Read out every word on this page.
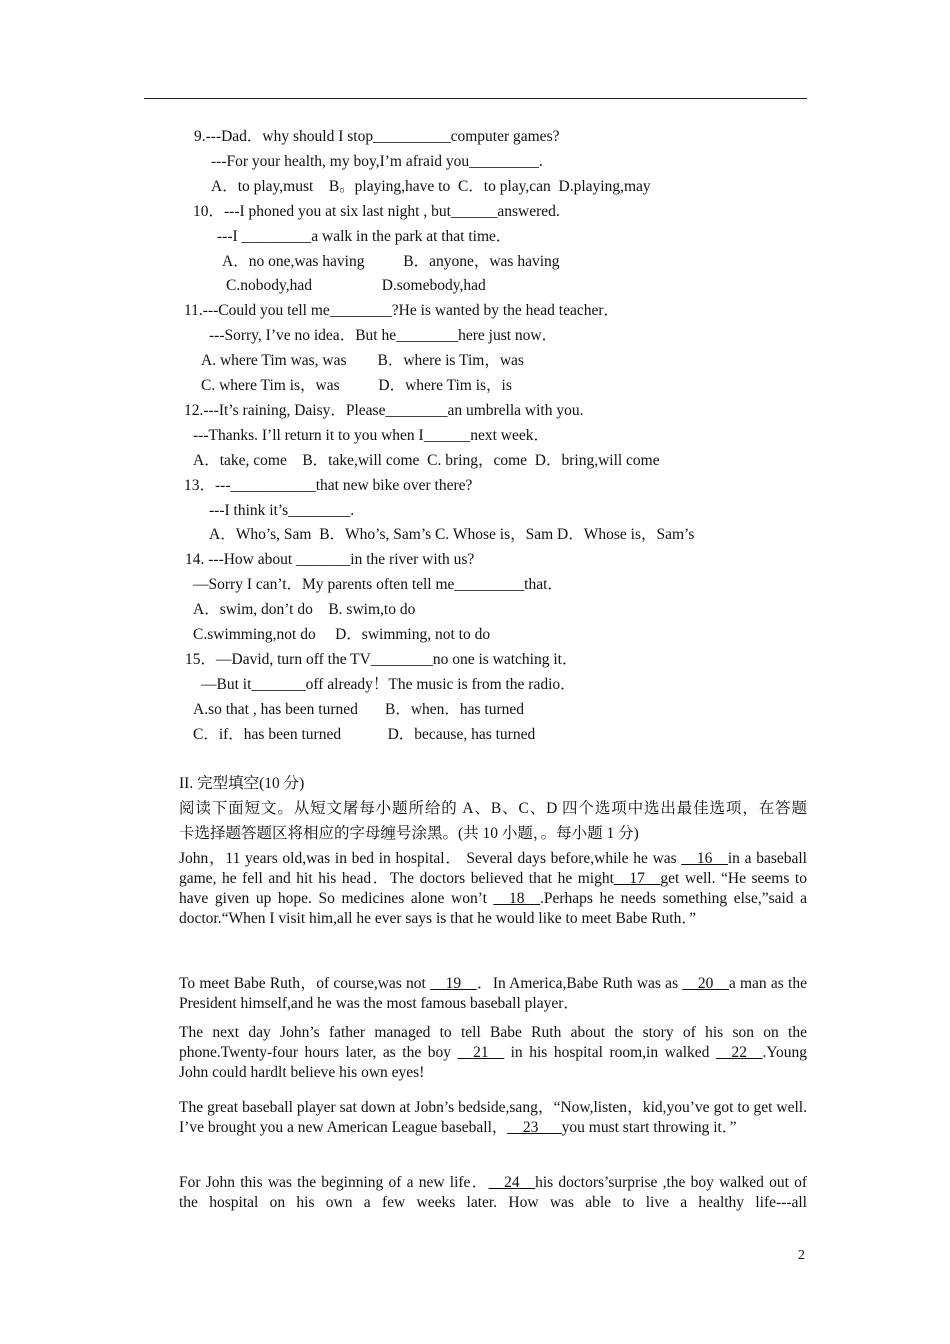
9.---Dad．why should I stop__________computer games?
---For your health, my boy,I’m afraid you_________.
A．to play,must　B。playing,have to  C．to play,can  D.playing,may
10．---I phoned you at six last night , but______answered.
---I _________a walk in the park at that time．
A．no one,was having          B．anyone，was having
C.nobody,had                  D.somebody,had
11.---Could you tell me________?He is wanted by the head teacher．
---Sorry, I’ve no idea．But he________here just now．
A. where Tim was, was        B．where is Tim，was
C. where Tim is，was          D．where Tim is，is
12.---It’s raining, Daisy．Please________an umbrella with you.
---Thanks. I’ll return it to you when I______next week．
A．take, come　B．take,will come  C. bring，come  D．bring,will come
13．---___________that new bike over there?
---I think it’s________.
A．Who’s, Sam  B．Who’s, Sam’s C. Whose is，Sam D．Whose is，Sam’s
14. ---How about _______in the river with us?
—Sorry I can’t．My parents often tell me_________that．
A．swim, don’t do　B. swim,to do
C.swimming,not do　 D．swimming, not to do
15．—David, turn off the TV________no one is watching it．
—But it_______off already！The music is from the radio．
A.so that , has been turned       B．when．has turned
C．if．has been turned            D．because, has turned
II. 完型填空(10 分)
阅读下面短文。从短文屠每小题所给的 A、B、C、D 四个选项中选出最佳选项，在答题
卡选择题答题区将相应的字母缠号涂黑。(共 10 小题，。每小题 1 分)
John，11 years old,was in bed in hospital． Several days before,while he was __16__in a baseball game, he fell and hit his head．The doctors believed that he might__17__get well. “He seems to have given up hope. So medicines alone won’t __18__.Perhaps he needs something else,”said a doctor.“When I visit him,all he ever says is that he would like to meet Babe Ruth．”
To meet Babe Ruth，of course,was not __19__．In America,Babe Ruth was as __20__a man as the President himself,and he was the most famous baseball player．
The next day John’s father managed to tell Babe Ruth about the story of his son on the phone.Twenty-four hours later, as the boy __21__ in his hospital room,in walked __22__.Young John could hardlt believe his own eyes!
The great baseball player sat down at Jobn’s bedside,sang，“Now,listen，kid,you’ve got to get well. I’ve brought you a new American League baseball，__23___you must start throwing it．”
For John this was the beginning of a new life．__24__his doctors’surprise ,the boy walked out of the hospital on his own a few weeks later. How was able to live a healthy life---all
2
